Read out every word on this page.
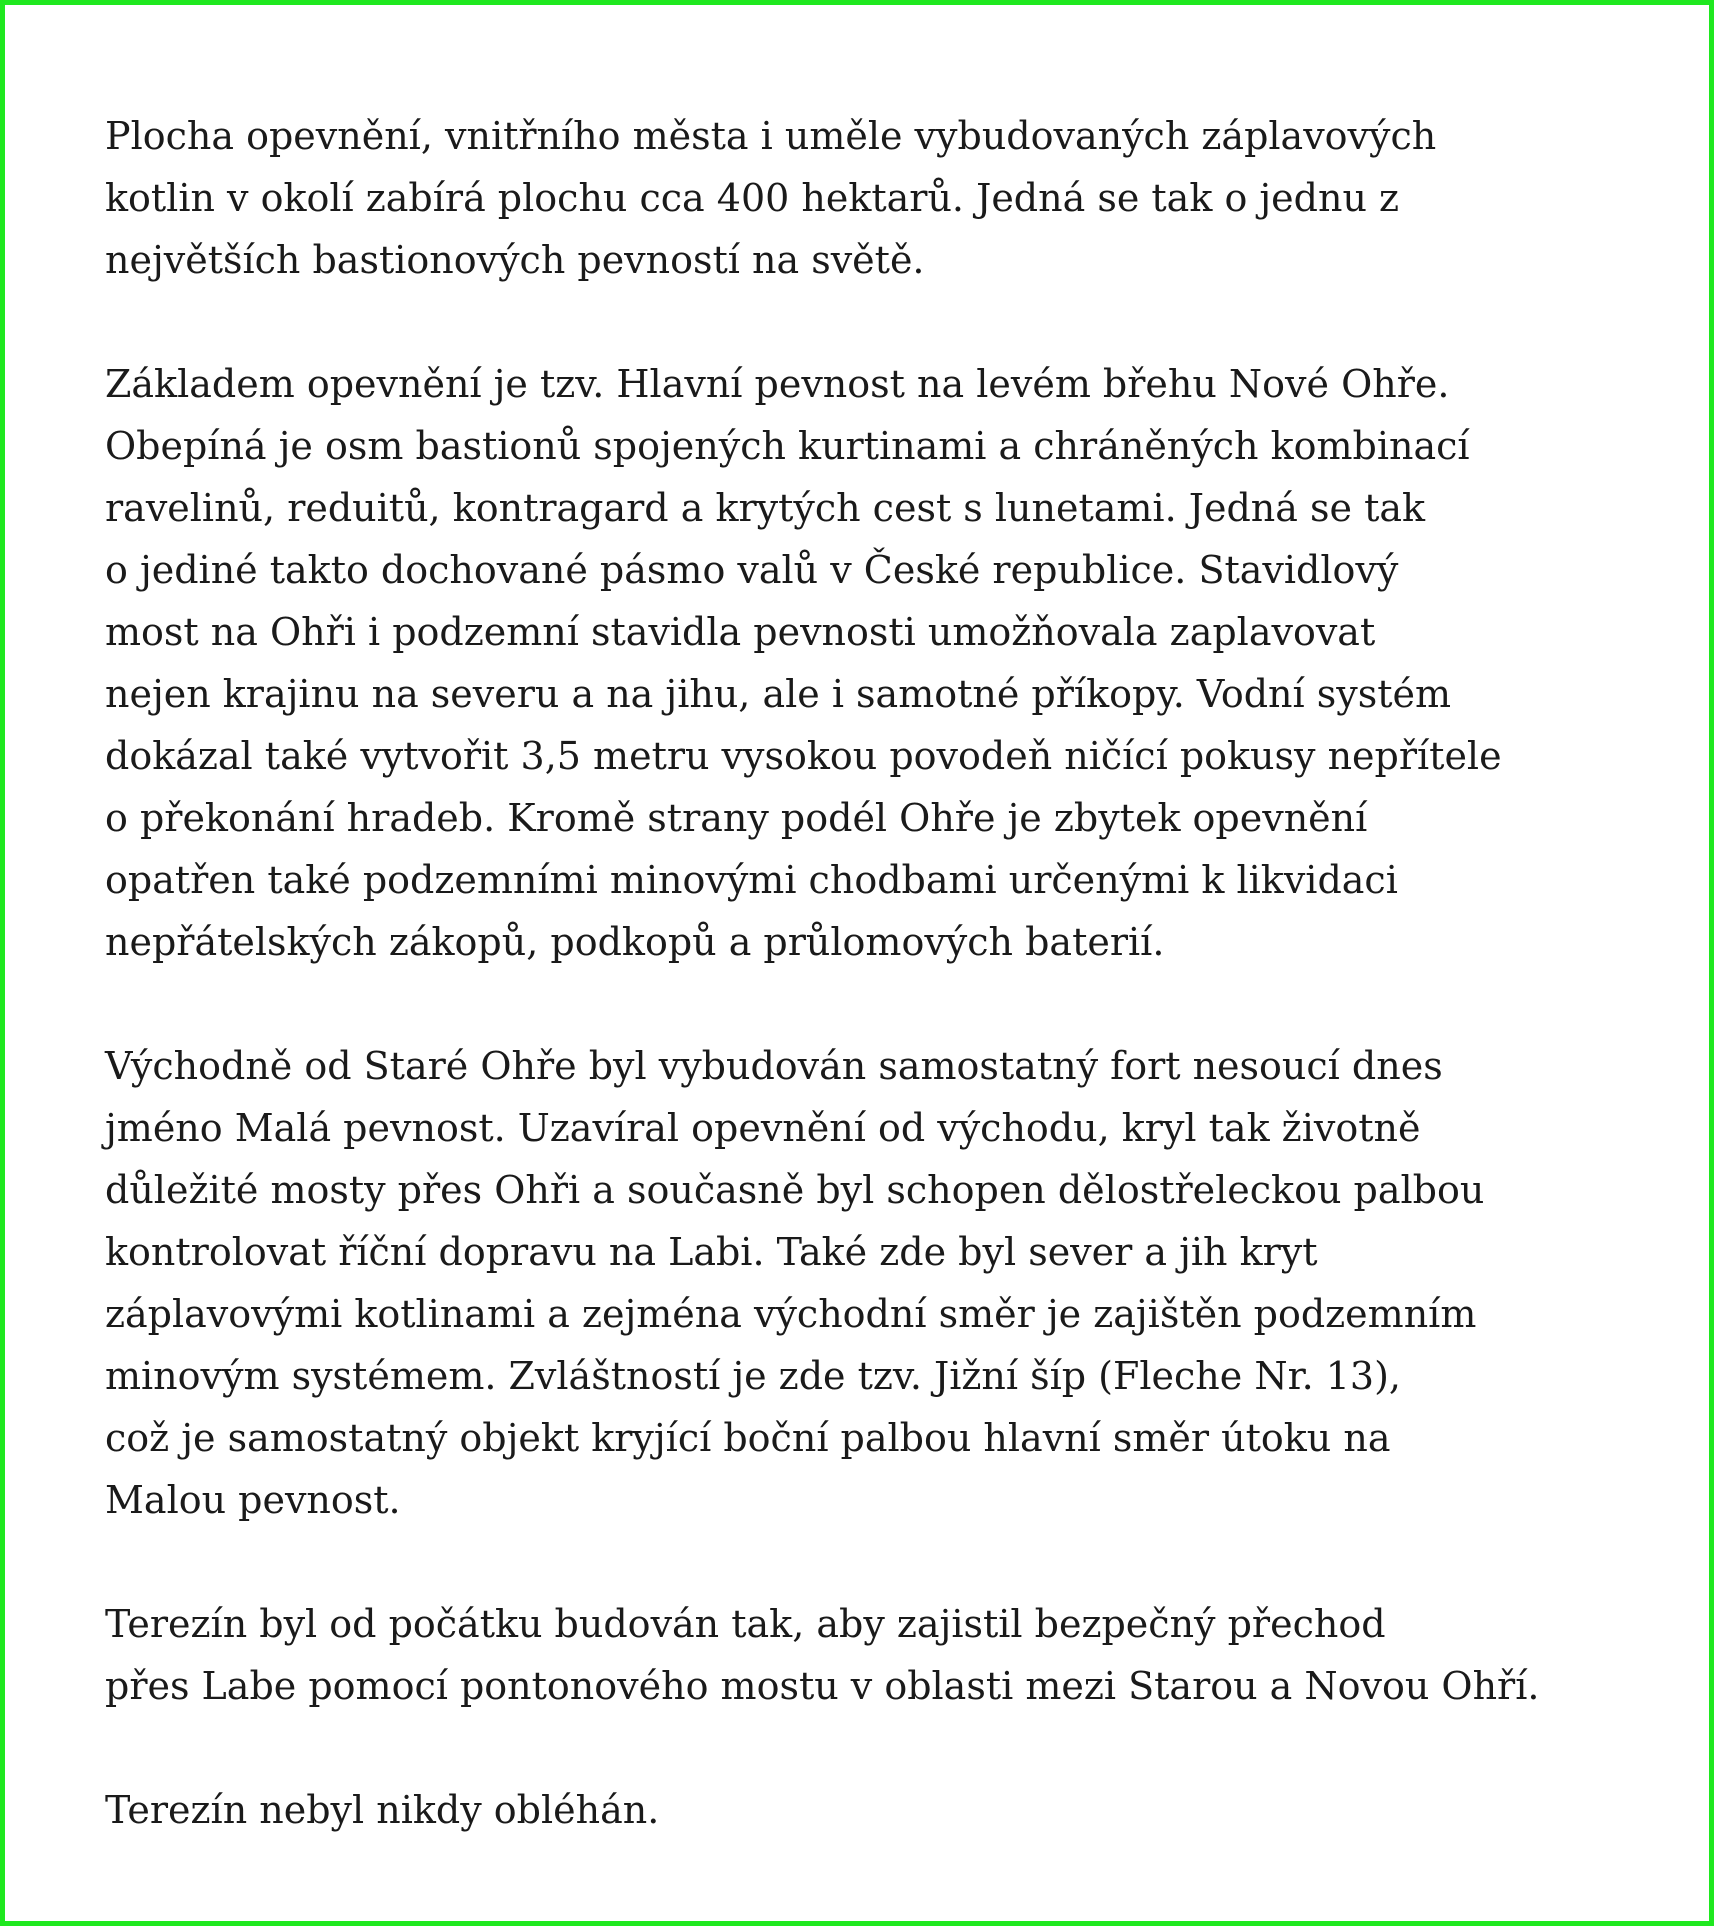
Plocha opevnění, vnitřního města i uměle vybudovaných záplavových
kotlin v okolí zabírá plochu cca 400 hektarů. Jedná se tak o jednu z
největších bastionových pevností na světě.
Základem opevnění je tzv. Hlavní pevnost na levém břehu Nové Ohře.
Obepíná je osm bastionů spojených kurtinami a chráněných kombinací
ravelinů, reduitů, kontragard a krytých cest s lunetami. Jedná se tak
o jediné takto dochované pásmo valů v České republice. Stavidlový
most na Ohři i podzemní stavidla pevnosti umožňovala zaplavovat
nejen krajinu na severu a na jihu, ale i samotné příkopy. Vodní systém
dokázal také vytvořit 3,5 metru vysokou povodeň ničící pokusy nepřítele
o překonání hradeb. Kromě strany podél Ohře je zbytek opevnění
opatřen také podzemními minovými chodbami určenými k likvidaci
nepřátelských zákopů, podkopů a průlomových baterií.
Východně od Staré Ohře byl vybudován samostatný fort nesoucí dnes
jméno Malá pevnost. Uzavíral opevnění od východu, kryl tak životně
důležité mosty přes Ohři a současně byl schopen dělostřeleckou palbou
kontrolovat říční dopravu na Labi. Také zde byl sever a jih kryt
záplavovými kotlinami a zejména východní směr je zajištěn podzemním
minovým systémem. Zvláštností je zde tzv. Jižní šíp (Fleche Nr. 13),
což je samostatný objekt kryjící boční palbou hlavní směr útoku na
Malou pevnost.
Terezín byl od počátku budován tak, aby zajistil bezpečný přechod
přes Labe pomocí pontonového mostu v oblasti mezi Starou a Novou Ohří.
Terezín nebyl nikdy obléhán.
